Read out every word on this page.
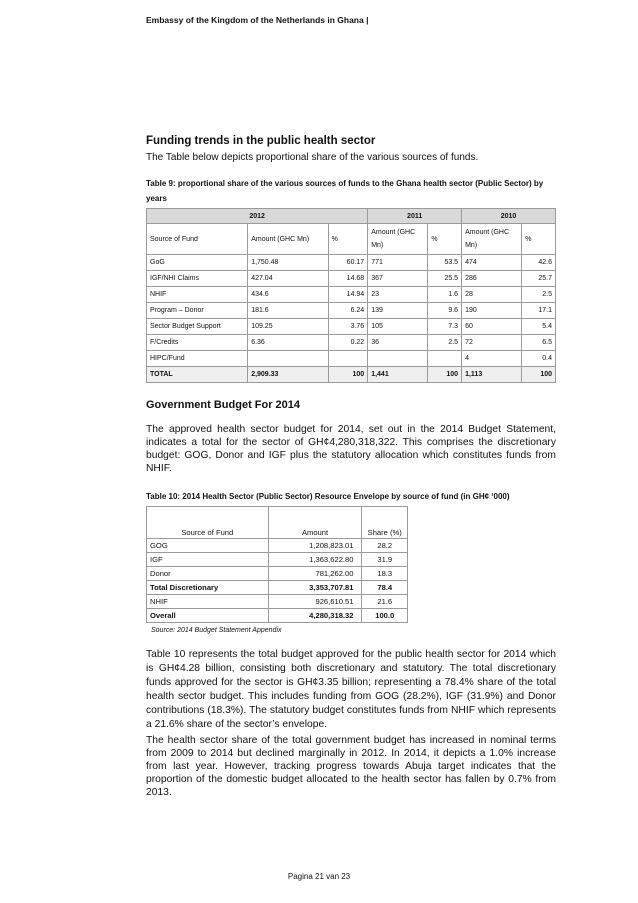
Embassy of the Kingdom of the Netherlands in Ghana |
Funding trends in the public health sector
The Table below depicts proportional share of the various sources of funds.
Table 9: proportional share of the various sources of funds to the Ghana health sector (Public Sector) by years
2012			2011		2010	
Source of Fund	Amount (GHC Mn)	%	Amount (GHC Mn)	%	Amount (GHC Mn)	%
GoG	1,750.48	60.17	771	53.5	474	42.6
IGF/NHI Claims	427.04	14.68	367	25.5	286	25.7
NHIF	434.6	14.94	23	1.6	28	2.5
Program – Donor	181.6	6.24	139	9.6	190	17.1
Sector Budget Support	109.25	3.76	105	7.3	60	5.4
F/Credits	6.36	0.22	36	2.5	72	6.5
HIPC/Fund					4	0.4
TOTAL	2,909.33	100	1,441	100	1,113	100
Government Budget For 2014

The approved health sector budget for 2014, set out in the 2014 Budget Statement, indicates a total for the sector of GH¢4,280,318,322. This comprises the discretionary budget: GOG, Donor and IGF plus the statutory allocation which constitutes funds from NHIF.

Table 10: 2014 Health Sector (Public Sector) Resource Envelope by source of fund (in GH¢ ‘000)
Source of Fund	Amount	Share (%)
GOG	1,208,823.01	28.2
IGF	1,363,622.80	31.9
Donor	781,262.00	18.3
Total Discretionary	3,353,707.81	78.4
NHIF	926,610.51	21.6
Overall	4,280,318.32	100.0
Source: 2014 Budget Statement Appendix

Table 10 represents the total budget approved for the public health sector for 2014 which is GH¢4.28 billion, consisting both discretionary and statutory. The total discretionary funds approved for the sector is GH¢3.35 billion; representing a 78.4% share of the total health sector budget. This includes funding from GOG (28.2%), IGF (31.9%) and Donor contributions (18.3%). The statutory budget constitutes funds from NHIF which represents a 21.6% share of the sector’s envelope.

The health sector share of the total government budget has increased in nominal terms from 2009 to 2014 but declined marginally in 2012. In 2014, it depicts a 1.0% increase from last year. However, tracking progress towards Abuja target indicates that the proportion of the domestic budget allocated to the health sector has fallen by 0.7% from 2013.

Pagina 21 van 23
